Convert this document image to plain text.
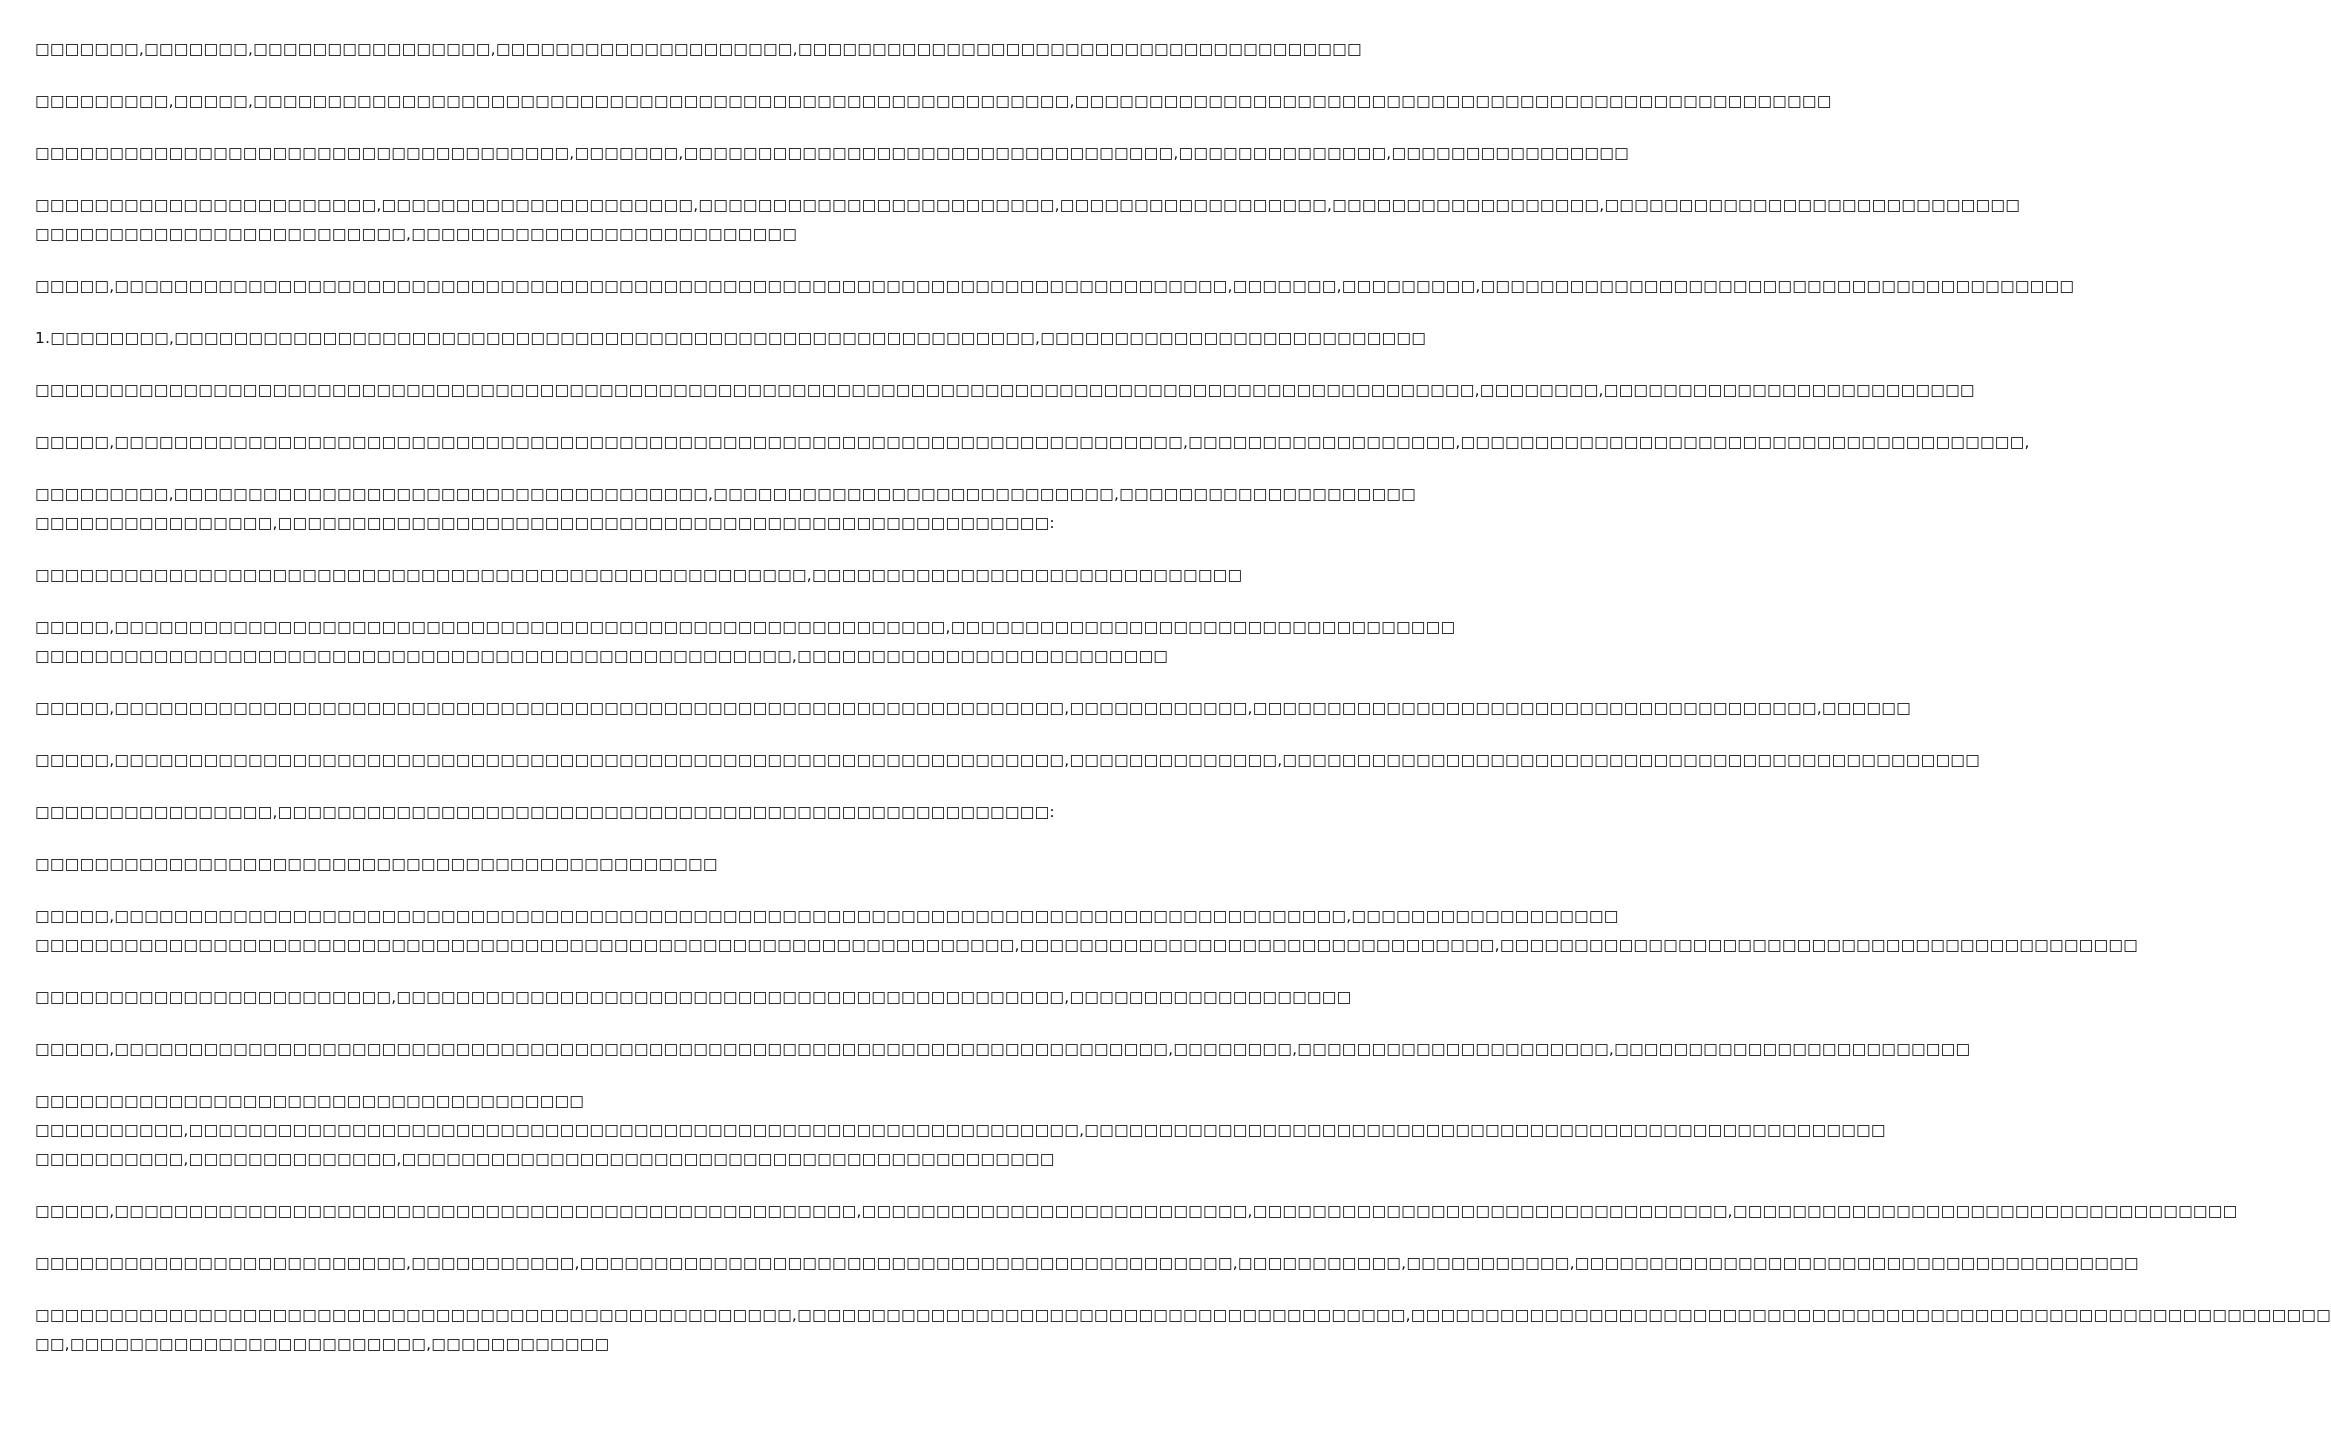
□□□□□□□,□□□□□□□,□□□□□□□□□□□□□□□□,□□□□□□□□□□□□□□□□□□□□,□□□□□□□□□□□□□□□□□□□□□□□□□□□□□□□□□□□□□□
□□□□□□□□□,□□□□□,□□□□□□□□□□□□□□□□□□□□□□□□□□□□□□□□□□□□□□□□□□□□□□□□□□□□□□□,□□□□□□□□□□□□□□□□□□□□□□□□□□□□□□□□□□□□□□□□□□□□□□□□□□□
□□□□□□□□□□□□□□□□□□□□□□□□□□□□□□□□□□□□,□□□□□□□,□□□□□□□□□□□□□□□□□□□□□□□□□□□□□□□□□,□□□□□□□□□□□□□□,□□□□□□□□□□□□□□□□
□□□□□□□□□□□□□□□□□□□□□□□,□□□□□□□□□□□□□□□□□□□□□,□□□□□□□□□□□□□□□□□□□□□□□□,□□□□□□□□□□□□□□□□□□,□□□□□□□□□□□□□□□□□□,□□□□□□□□□□□□□□□□□□□□□□□□□□□□
□□□□□□□□□□□□□□□□□□□□□□□□□,□□□□□□□□□□□□□□□□□□□□□□□□□□
□□□□□,□□□□□□□□□□□□□□□□□□□□□□□□□□□□□□□□□□□□□□□□□□□□□□□□□□□□□□□□□□□□□□□□□□□□□□□□□□□,□□□□□□□,□□□□□□□□□,□□□□□□□□□□□□□□□□□□□□□□□□□□□□□□□□□□□□□□□□
1.□□□□□□□□,□□□□□□□□□□□□□□□□□□□□□□□□□□□□□□□□□□□□□□□□□□□□□□□□□□□□□□□□□□,□□□□□□□□□□□□□□□□□□□□□□□□□□
□□□□□□□□□□□□□□□□□□□□□□□□□□□□□□□□□□□□□□□□□□□□□□□□□□□□□□□□□□□□□□□□□□□□□□□□□□□□□□□□□□□□□□□□□□□□□□□□□,□□□□□□□□,□□□□□□□□□□□□□□□□□□□□□□□□□
□□□□□,□□□□□□□□□□□□□□□□□□□□□□□□□□□□□□□□□□□□□□□□□□□□□□□□□□□□□□□□□□□□□□□□□□□□□□□□,□□□□□□□□□□□□□□□□□□,□□□□□□□□□□□□□□□□□□□□□□□□□□□□□□□□□□□□□□,
□□□□□□□□□,□□□□□□□□□□□□□□□□□□□□□□□□□□□□□□□□□□□□,□□□□□□□□□□□□□□□□□□□□□□□□□□□,□□□□□□□□□□□□□□□□□□□□
□□□□□□□□□□□□□□□□,□□□□□□□□□□□□□□□□□□□□□□□□□□□□□□□□□□□□□□□□□□□□□□□□□□□□:
□□□□□□□□□□□□□□□□□□□□□□□□□□□□□□□□□□□□□□□□□□□□□□□□□□□□,□□□□□□□□□□□□□□□□□□□□□□□□□□□□□
□□□□□,□□□□□□□□□□□□□□□□□□□□□□□□□□□□□□□□□□□□□□□□□□□□□□□□□□□□□□□□,□□□□□□□□□□□□□□□□□□□□□□□□□□□□□□□□□□
□□□□□□□□□□□□□□□□□□□□□□□□□□□□□□□□□□□□□□□□□□□□□□□□□□□,□□□□□□□□□□□□□□□□□□□□□□□□□
□□□□□,□□□□□□□□□□□□□□□□□□□□□□□□□□□□□□□□□□□□□□□□□□□□□□□□□□□□□□□□□□□□□□□□,□□□□□□□□□□□□,□□□□□□□□□□□□□□□□□□□□□□□□□□□□□□□□□□□□□□,□□□□□□
□□□□□,□□□□□□□□□□□□□□□□□□□□□□□□□□□□□□□□□□□□□□□□□□□□□□□□□□□□□□□□□□□□□□□□,□□□□□□□□□□□□□□,□□□□□□□□□□□□□□□□□□□□□□□□□□□□□□□□□□□□□□□□□□□□□□□
□□□□□□□□□□□□□□□□,□□□□□□□□□□□□□□□□□□□□□□□□□□□□□□□□□□□□□□□□□□□□□□□□□□□□:
□□□□□□□□□□□□□□□□□□□□□□□□□□□□□□□□□□□□□□□□□□□□□□
□□□□□,□□□□□□□□□□□□□□□□□□□□□□□□□□□□□□□□□□□□□□□□□□□□□□□□□□□□□□□□□□□□□□□□□□□□□□□□□□□□□□□□□□□,□□□□□□□□□□□□□□□□□□
□□□□□□□□□□□□□□□□□□□□□□□□□□□□□□□□□□□□□□□□□□□□□□□□□□□□□□□□□□□□□□□□□□,□□□□□□□□□□□□□□□□□□□□□□□□□□□□□□□□,□□□□□□□□□□□□□□□□□□□□□□□□□□□□□□□□□□□□□□□□□□□
□□□□□□□□□□□□□□□□□□□□□□□□,□□□□□□□□□□□□□□□□□□□□□□□□□□□□□□□□□□□□□□□□□□□□□,□□□□□□□□□□□□□□□□□□□
□□□□□,□□□□□□□□□□□□□□□□□□□□□□□□□□□□□□□□□□□□□□□□□□□□□□□□□□□□□□□□□□□□□□□□□□□□□□□,□□□□□□□□,□□□□□□□□□□□□□□□□□□□□□,□□□□□□□□□□□□□□□□□□□□□□□□
□□□□□□□□□□□□□□□□□□□□□□□□□□□□□□□□□□□□□
□□□□□□□□□□,□□□□□□□□□□□□□□□□□□□□□□□□□□□□□□□□□□□□□□□□□□□□□□□□□□□□□□□□□□□□,□□□□□□□□□□□□□□□□□□□□□□□□□□□□□□□□□□□□□□□□□□□□□□□□□□□□□□
□□□□□□□□□□,□□□□□□□□□□□□□□,□□□□□□□□□□□□□□□□□□□□□□□□□□□□□□□□□□□□□□□□□□□□
□□□□□,□□□□□□□□□□□□□□□□□□□□□□□□□□□□□□□□□□□□□□□□□□□□□□□□□□,□□□□□□□□□□□□□□□□□□□□□□□□□□,□□□□□□□□□□□□□□□□□□□□□□□□□□□□□□□□,□□□□□□□□□□□□□□□□□□□□□□□□□□□□□□□□□□
□□□□□□□□□□□□□□□□□□□□□□□□□,□□□□□□□□□□□,□□□□□□□□□□□□□□□□□□□□□□□□□□□□□□□□□□□□□□□□□□□□,□□□□□□□□□□□,□□□□□□□□□□□,□□□□□□□□□□□□□□□□□□□□□□□□□□□□□□□□□□□□□□
□□□□□□□□□□□□□□□□□□□□□□□□□□□□□□□□□□□□□□□□□□□□□□□□□□□,□□□□□□□□□□□□□□□□□□□□□□□□□□□□□□□□□□□□□□□□□,□□□□□□□□□□□□□□□□□□□□□□□□□□□□□□□□□□□□□□□□□□□□□□□□□□□□□□□□□□□□□□
□□,□□□□□□□□□□□□□□□□□□□□□□□□,□□□□□□□□□□□□
